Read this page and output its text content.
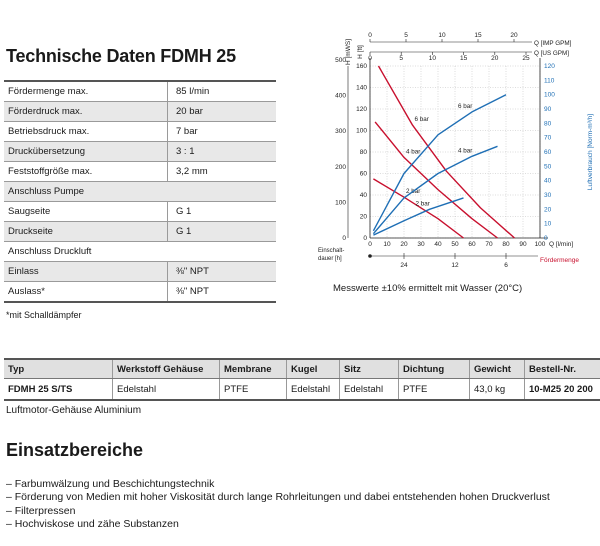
Technische Daten FDMH 25
Fördermenge max.	85 l/min
Förderdruck max.	20 bar
Betriebsdruck max.	7 bar
Druckübersetzung	3 : 1
Feststoffgröße max.	3,2 mm
Anschluss Pumpe	
Saugseite	G 1
Druckseite	G 1
Anschluss Druckluft	
Einlass	⅜" NPT
Auslass*	⅜" NPT
*mit Schalldämpfer
0	5	10	15	20	25
0	5	10	15	20
Q [US GPM]
Q [IMP GPM]
0 10 20 30 40 50 60 70 80 90 100 Q [l/min]
0
20
40
60
80
100
120
140
160
0
100
200
300
400
500
H [ft]
H [mWS]
0
10
20
30
40
50
60
70
80
90
100
110
120
Luftverbrauch [Norm-m³/h]
Einschalt-
dauer [h]
24	12	6
Fördermenge
6 bar
4 bar
2 bar
6 bar
4 bar
2 bar
Messwerte ±10% ermittelt mit Wasser (20°C)
Typ	Werkstoff Gehäuse	Membrane	Kugel	Sitz	Dichtung	Gewicht	Bestell-Nr.
FDMH 25 S/TS	Edelstahl	PTFE	Edelstahl	Edelstahl	PTFE	43,0 kg	10-M25 20 200
Luftmotor-Gehäuse Aluminium
Einsatzbereiche
– Farbumwälzung und Beschichtungstechnik
– Förderung von Medien mit hoher Viskosität durch lange Rohrleitungen und dabei entstehenden hohen Druckverlust
– Filterpressen
– Hochviskose und zähe Substanzen
